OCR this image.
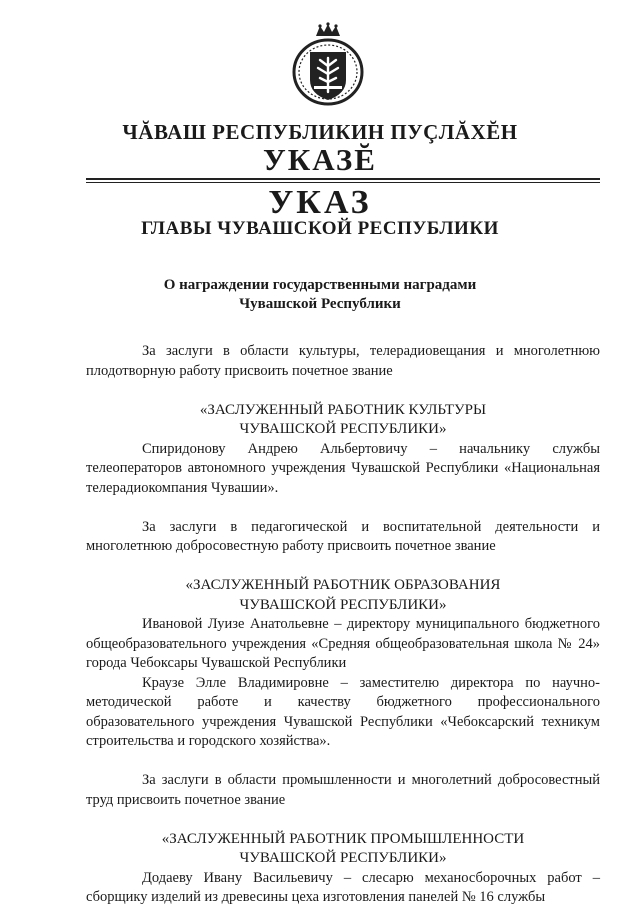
ЧĂВАШ РЕСПУБЛИКИН ПУÇЛĂХĔН
УКАЗĔ
УКАЗ
ГЛАВЫ ЧУВАШСКОЙ РЕСПУБЛИКИ
О награждении государственными наградами
Чувашской Республики

За заслуги в области культуры, телерадиовещания и многолетнюю плодотворную работу присвоить почетное звание

«ЗАСЛУЖЕННЫЙ РАБОТНИК КУЛЬТУРЫ
ЧУВАШСКОЙ РЕСПУБЛИКИ»

Спиридонову Андрею Альбертовичу – начальнику службы телеоператоров автономного учреждения Чувашской Республики «Национальная телерадиокомпания Чувашии».

За заслуги в педагогической и воспитательной деятельности и многолетнюю добросовестную работу присвоить почетное звание

«ЗАСЛУЖЕННЫЙ РАБОТНИК ОБРАЗОВАНИЯ
ЧУВАШСКОЙ РЕСПУБЛИКИ»

Ивановой Луизе Анатольевне – директору муниципального бюджетного общеобразовательного учреждения «Средняя общеобразовательная школа № 24» города Чебоксары Чувашской Республики

Краузе Элле Владимировне – заместителю директора по научно-методической работе и качеству бюджетного профессионального образовательного учреждения Чувашской Республики «Чебоксарский техникум строительства и городского хозяйства».

За заслуги в области промышленности и многолетний добросовестный труд присвоить почетное звание

«ЗАСЛУЖЕННЫЙ РАБОТНИК ПРОМЫШЛЕННОСТИ
ЧУВАШСКОЙ РЕСПУБЛИКИ»

Додаеву Ивану Васильевичу – слесарю механосборочных работ – сборщику изделий из древесины цеха изготовления панелей № 16 службы
